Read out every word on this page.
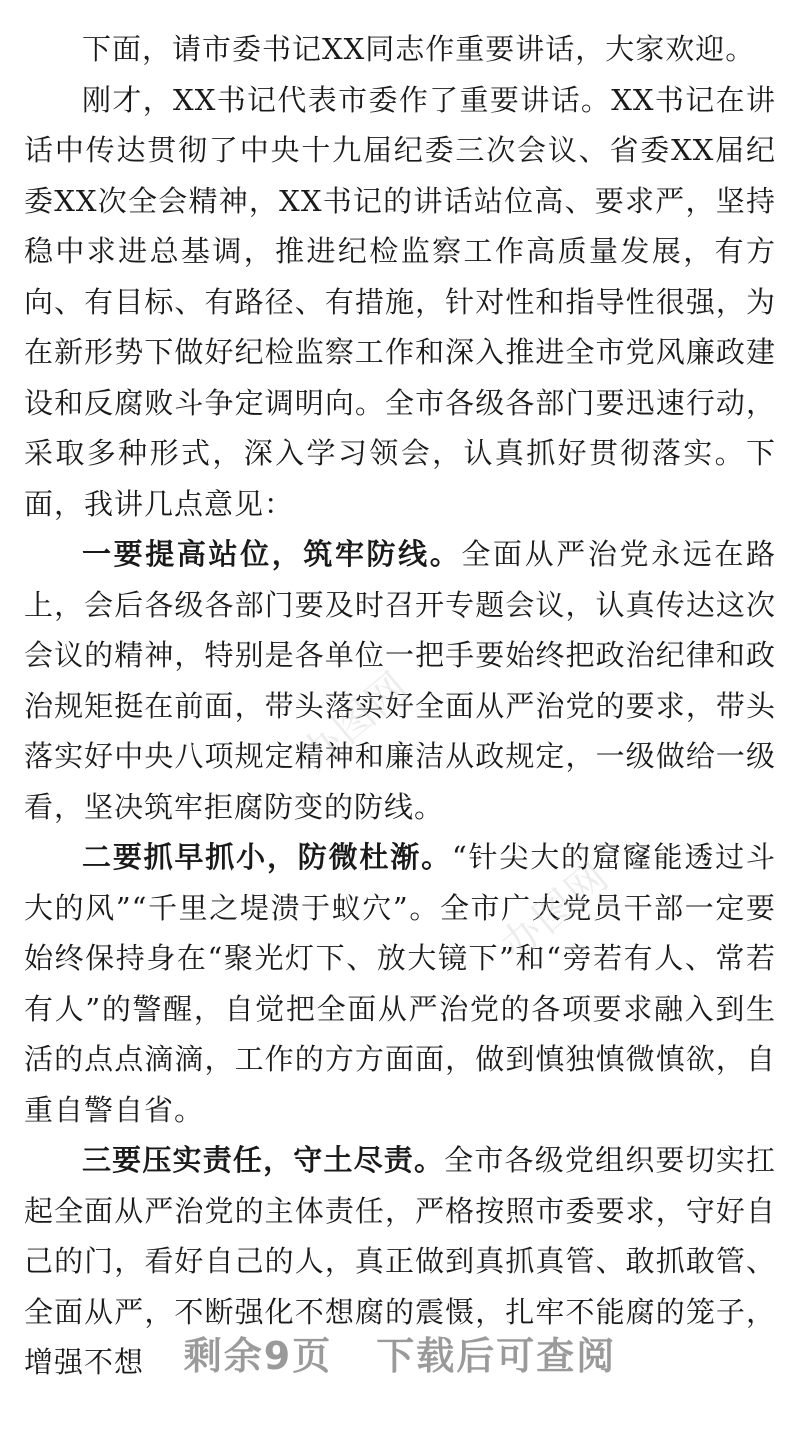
下面，请市委书记XX同志作重要讲话，大家欢迎。

刚才，XX书记代表市委作了重要讲话。XX书记在讲话中传达贯彻了中央十九届纪委三次会议、省委XX届纪委XX次全会精神，XX书记的讲话站位高、要求严，坚持稳中求进总基调，推进纪检监察工作高质量发展，有方向、有目标、有路径、有措施，针对性和指导性很强，为在新形势下做好纪检监察工作和深入推进全市党风廉政建设和反腐败斗争定调明向。全市各级各部门要迅速行动，采取多种形式，深入学习领会，认真抓好贯彻落实。下面，我讲几点意见：

一要提高站位，筑牢防线。全面从严治党永远在路上，会后各级各部门要及时召开专题会议，认真传达这次会议的精神，特别是各单位一把手要始终把政治纪律和政治规矩挺在前面，带头落实好全面从严治党的要求，带头落实好中央八项规定精神和廉洁从政规定，一级做给一级看，坚决筑牢拒腐防变的防线。

二要抓早抓小，防微杜渐。“针尖大的窟窿能透过斗大的风”“千里之堤溃于蚁穴”。全市广大党员干部一定要始终保持身在“聚光灯下、放大镜下”和“旁若有人、常若有人”的警醒，自觉把全面从严治党的各项要求融入到生活的点点滴滴，工作的方方面面，做到慎独慎微慎欲，自重自警自省。

三要压实责任，守土尽责。全市各级党组织要切实扛起全面从严治党的主体责任，严格按照市委要求，守好自己的门，看好自己的人，真正做到真抓真管、敢抓敢管、全面从严，不断强化不想腐的震慑，扎牢不能腐的笼子，增强不想

办图网
办图网
剩余9页 下载后可查阅
